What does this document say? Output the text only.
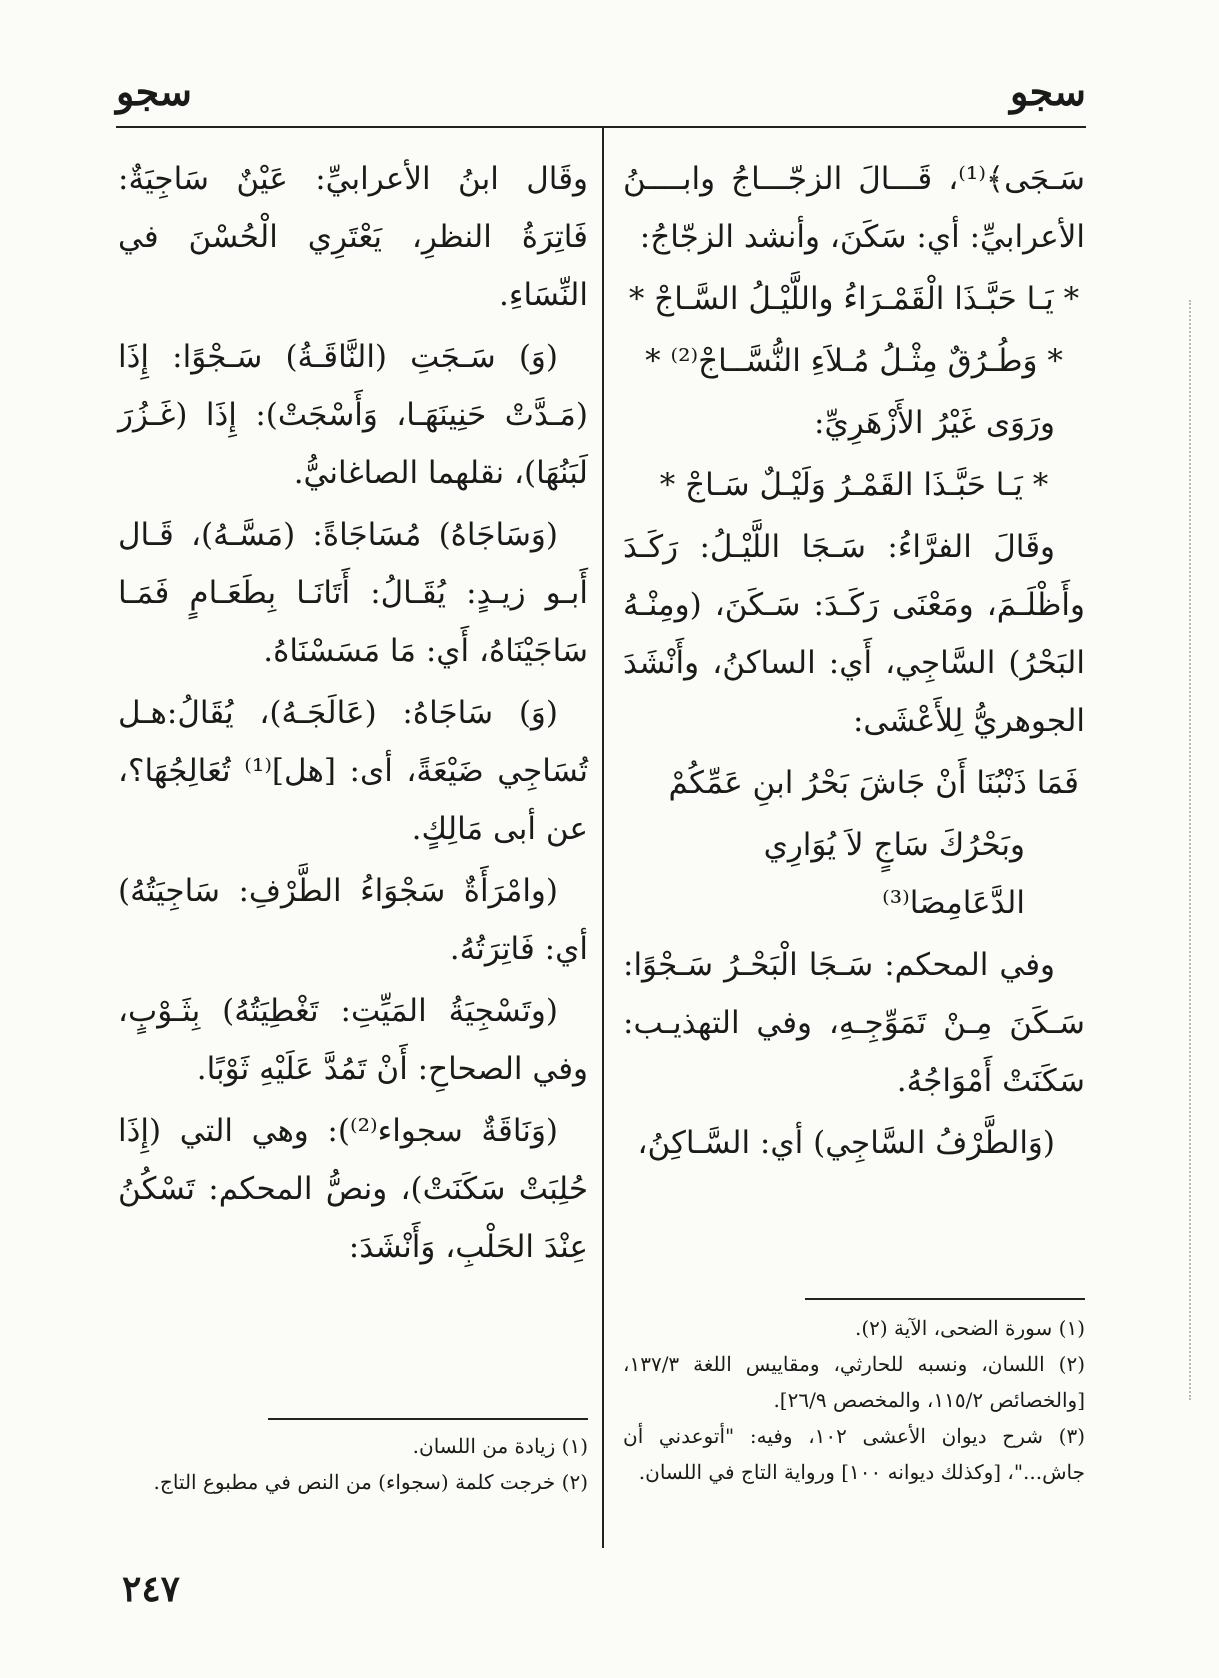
سجو
سجو

سَـجَى﴾⁽¹⁾، قَـــالَ الزجّـــاجُ وابــــنُ الأعرابيِّ: أي: سَكَنَ، وأنشد الزجّاجُ:

* يَـا حَبَّـذَا الْقَمْـرَاءُ واللَّيْـلُ السَّـاجْ *

* وَطُـرُقٌ مِثْـلُ مُـلاَءِ النُّسَّــاجْ⁽²⁾ *

ورَوَى غَيْرُ الأَزْهَرِيِّ:

* يَـا حَبَّـذَا القَمْـرُ وَلَيْـلٌ سَـاجْ *

وقَالَ الفرَّاءُ: سَـجَا اللَّيْـلُ: رَكَـدَ وأَظْلَـمَ، ومَعْنَى رَكَـدَ: سَـكَنَ، (ومِنْـهُ البَحْرُ) السَّاجِي، أَي: الساكنُ، وأَنْشَدَ الجوهريُّ لِلأَعْشَى:

فَمَا ذَنْبُنَا أَنْ جَاشَ بَحْرُ ابنِ عَمِّكُمْ

وبَحْرُكَ سَاجٍ لاَ يُوَارِي الدَّعَامِصَا⁽³⁾

وفي المحكم: سَـجَا الْبَحْـرُ سَـجْوًا: سَـكَنَ مِـنْ تَمَوِّجِـهِ، وفي التهذيـب: سَكَنَتْ أَمْوَاجُهُ.

(وَالطَّرْفُ السَّاجِي) أي: السَّـاكِنُ،

(١) سورة الضحى، الآية (٢).

(٢) اللسان، ونسبه للحارثي، ومقاييس اللغة ١٣٧/٣، [والخصائص ١١٥/٢، والمخصص ٢٦/٩].

(٣) شرح ديوان الأعشى ١٠٢، وفيه: "أتوعدني أن جاش..."، [وكذلك ديوانه ١٠٠] ورواية التاج في اللسان.

وقَال ابنُ الأعرابيِّ: عَيْنٌ سَاجِيَةٌ: فَاتِرَةُ النظرِ، يَعْتَرِي الْحُسْنَ في النِّسَاءِ.

(وَ) سَـجَتِ (النَّاقَـةُ) سَـجْوًا: إِذَا (مَـدَّتْ حَنِينَهَـا، وَأَسْجَتْ): إِذَا (غَـزُرَ لَبَنُهَا)، نقلهما الصاغانيُّ.

(وَسَاجَاهُ) مُسَاجَاةً: (مَسَّـهُ)، قَـال أَبـو زيـدٍ: يُقَـالُ: أَتَانَـا بِطَعَـامٍ فَمَـا سَاجَيْنَاهُ، أَي: مَا مَسَسْنَاهُ.

(وَ) سَاجَاهُ: (عَالَجَـهُ)، يُقَالُ:هـل تُسَاجِي ضَيْعَةً، أى: [هل]⁽¹⁾ تُعَالِجُهَا؟، عن أبى مَالِكٍ.

(وامْرَأَةٌ سَجْوَاءُ الطَّرْفِ: سَاجِيَتُهُ) أي: فَاتِرَتُهُ.

(وتَسْجِيَةُ المَيِّتِ: تَغْطِيَتُهُ) بِثَـوْبٍ، وفي الصحاحِ: أَنْ تَمُدَّ عَلَيْهِ ثَوْبًا.

(وَنَاقَةٌ سجواء⁽²⁾): وهي التي (إِذَا حُلِبَتْ سَكَنَتْ)، ونصُّ المحكم: تَسْكُنُ عِنْدَ الحَلْبِ، وَأَنْشَدَ:

(١) زيادة من اللسان.

(٢) خرجت كلمة (سجواء) من النص في مطبوع التاج.

٢٤٧
